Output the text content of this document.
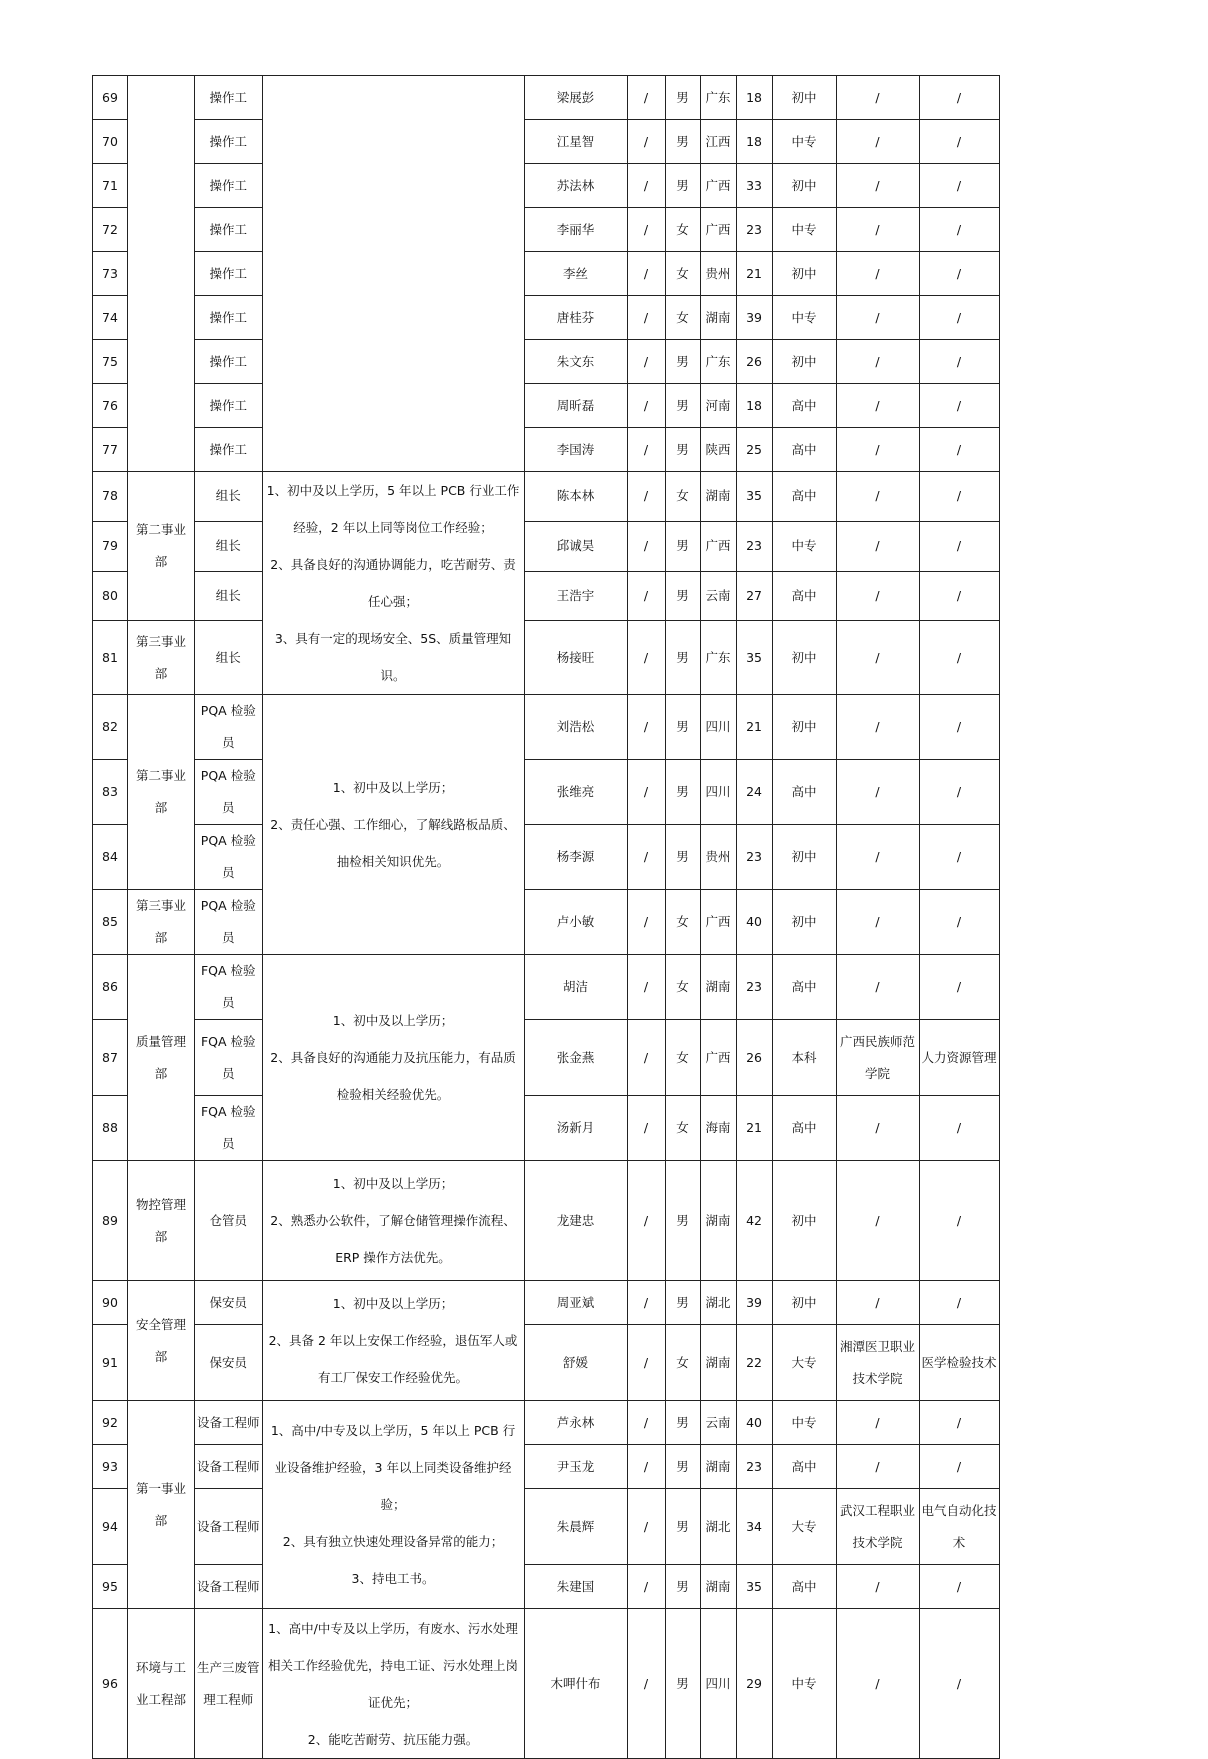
69		操作工		梁展彭	/	男	广东	18	初中	/	/
70		操作工		江星智	/	男	江西	18	中专	/	/
71		操作工		苏法林	/	男	广西	33	初中	/	/
72		操作工		李丽华	/	女	广西	23	中专	/	/
73		操作工		李丝	/	女	贵州	21	初中	/	/
74		操作工		唐桂芬	/	女	湖南	39	中专	/	/
75		操作工		朱文东	/	男	广东	26	初中	/	/
76		操作工		周昕磊	/	男	河南	18	高中	/	/
77		操作工		李国涛	/	男	陕西	25	高中	/	/
78	第二事业部	组长	1、初中及以上学历，5 年以上 PCB 行业工作经验，2 年以上同等岗位工作经验；
2、具备良好的沟通协调能力，吃苦耐劳、责任心强；
3、具有一定的现场安全、5S、质量管理知识。	陈本林	/	女	湖南	35	高中	/	/
79		组长		邱诚昊	/	男	广西	23	中专	/	/
80		组长		王浩宇	/	男	云南	27	高中	/	/
81	第三事业部	组长		杨接旺	/	男	广东	35	初中	/	/
82	第二事业部	PQA 检验员	1、初中及以上学历；
2、责任心强、工作细心，了解线路板品质、抽检相关知识优先。	刘浩松	/	男	四川	21	初中	/	/
83		PQA 检验员		张维亮	/	男	四川	24	高中	/	/
84		PQA 检验员		杨李源	/	男	贵州	23	初中	/	/
85	第三事业部	PQA 检验员		卢小敏	/	女	广西	40	初中	/	/
86	质量管理部	FQA 检验员	1、初中及以上学历；
2、具备良好的沟通能力及抗压能力，有品质检验相关经验优先。	胡洁	/	女	湖南	23	高中	/	/
87		FQA 检验员		张金燕	/	女	广西	26	本科	广西民族师范学院	人力资源管理
88		FQA 检验员		汤新月	/	女	海南	21	高中	/	/
89	物控管理部	仓管员	1、初中及以上学历；
2、熟悉办公软件，了解仓储管理操作流程、ERP 操作方法优先。	龙建忠	/	男	湖南	42	初中	/	/
90	安全管理部	保安员	1、初中及以上学历；
2、具备 2 年以上安保工作经验，退伍军人或有工厂保安工作经验优先。	周亚斌	/	男	湖北	39	初中	/	/
91		保安员		舒媛	/	女	湖南	22	大专	湘潭医卫职业技术学院	医学检验技术
92	第一事业部	设备工程师	1、高中/中专及以上学历，5 年以上 PCB 行业设备维护经验，3 年以上同类设备维护经验；
2、具有独立快速处理设备异常的能力；
3、持电工书。	芦永林	/	男	云南	40	中专	/	/
93		设备工程师		尹玉龙	/	男	湖南	23	高中	/	/
94		设备工程师		朱晨辉	/	男	湖北	34	大专	武汉工程职业技术学院	电气自动化技术
95		设备工程师		朱建国	/	男	湖南	35	高中	/	/
96	环境与工业工程部	生产三废管理工程师	1、高中/中专及以上学历，有废水、污水处理相关工作经验优先，持电工证、污水处理上岗证优先；
2、能吃苦耐劳、抗压能力强。	木呷什布	/	男	四川	29	中专	/	/
